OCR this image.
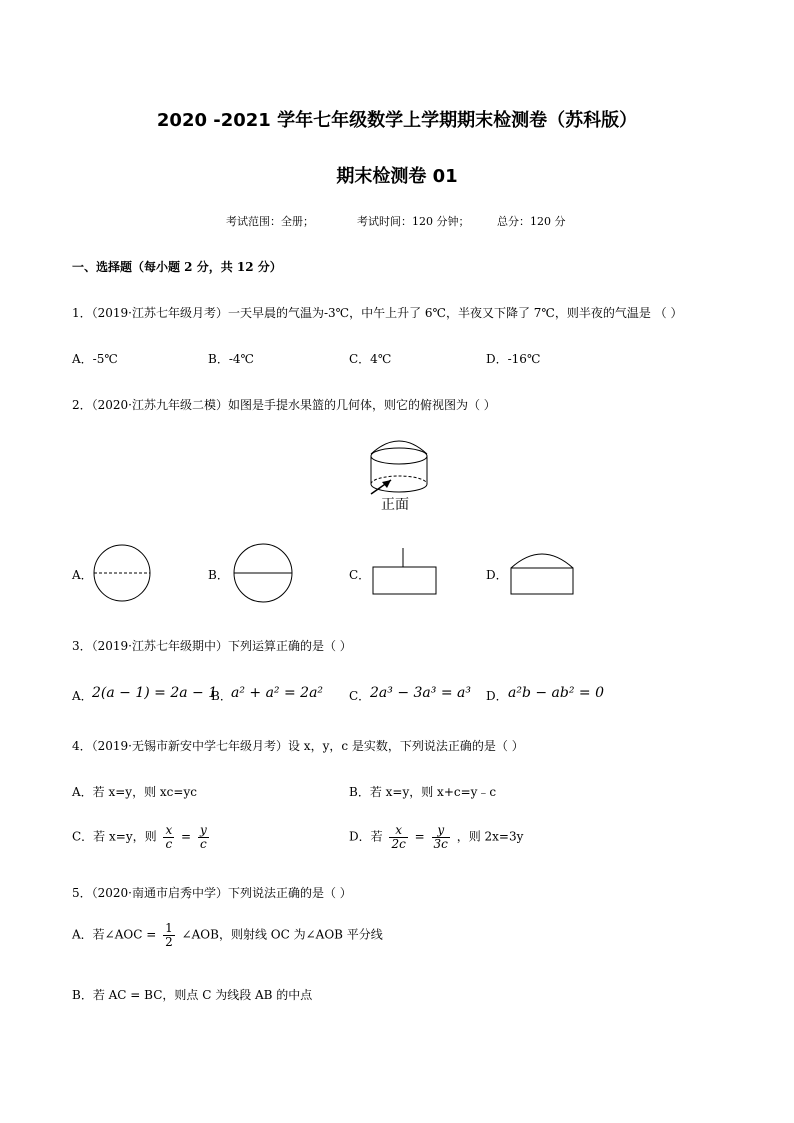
2020 -2021 学年七年级数学上学期期末检测卷（苏科版）
期末检测卷 01
考试范围：全册；	考试时间：120 分钟；	总分：120 分
一、选择题（每小题 2 分，共 12 分）
1．（2019·江苏七年级月考）一天早晨的气温为-3℃，中午上升了 6℃，半夜又下降了 7℃，则半夜的气温是 （ ）
A．-5℃	B．-4℃	C．4℃	D．-16℃
2．（2020·江苏九年级二模）如图是手提水果篮的几何体，则它的俯视图为（ ）
正面
A．	B．	C．	D．
3．（2019·江苏七年级期中）下列运算正确的是（ ）
A． 2(a − 1) = 2a − 1
B． a² + a² = 2a² C． 2a³ − 3a³ = a³ D． a²b − ab² = 0
4．（2019·无锡市新安中学七年级月考）设 x，y，c 是实数，下列说法正确的是（ ）
A．若 x=y，则 xc=yc	B．若 x=y，则 x+c=y﹣c
C．若 x=y，则 $\frac{x}{c} = \frac{y}{c}$	D．若 $\frac{x}{2c} = \frac{y}{3c}$ ，则 2x=3y
5．（2020·南通市启秀中学）下列说法正确的是（ ）
A．若∠AOC = $\frac{1}{2}$ ∠AOB，则射线 OC 为∠AOB 平分线
B．若 AC = BC，则点 C 为线段 AB 的中点
